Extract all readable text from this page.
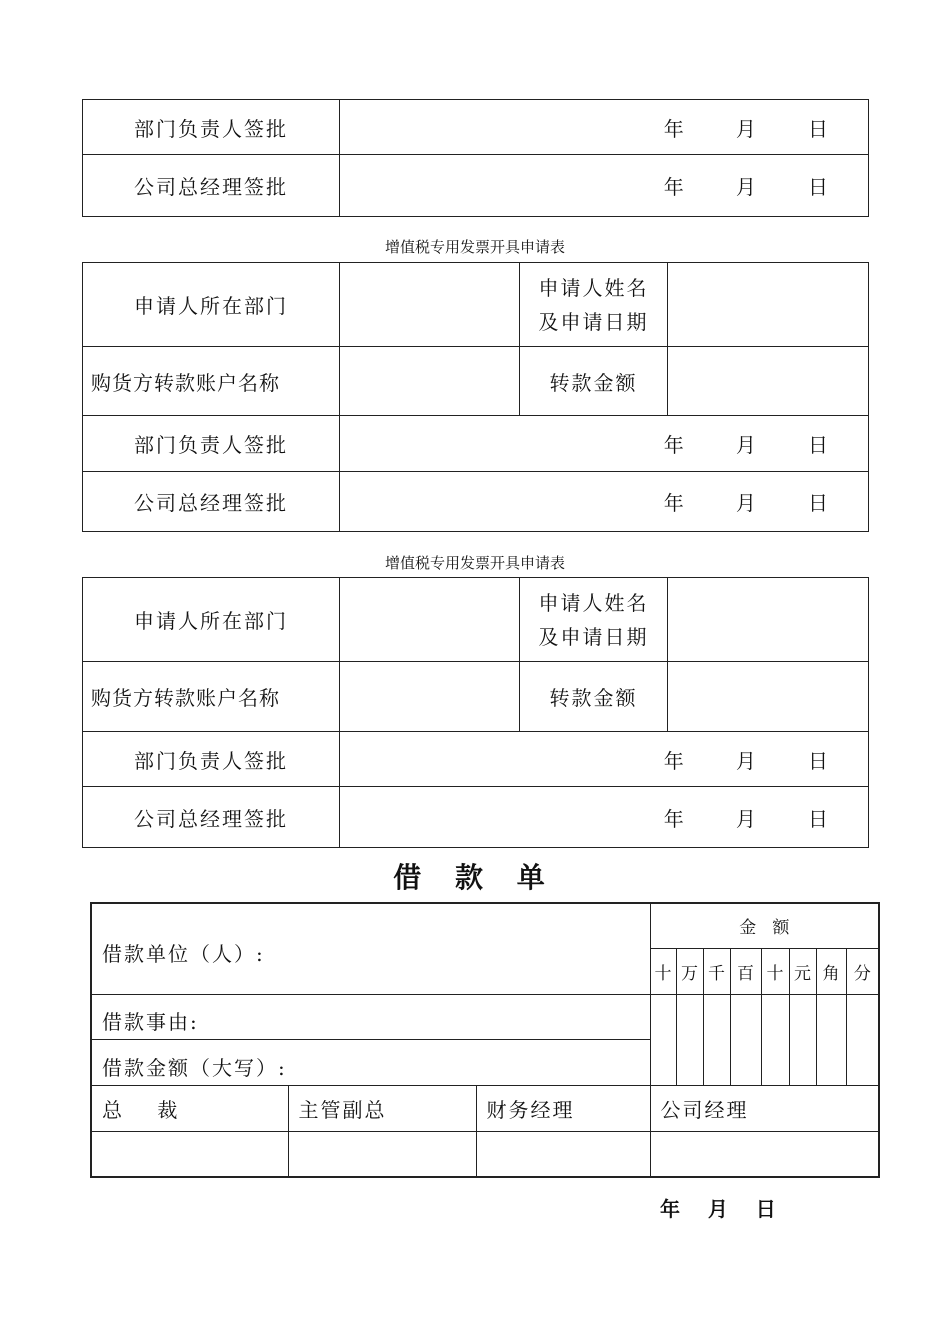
部门负责人签批	年      月      日
公司总经理签批	年      月      日
增值税专用发票开具申请表
申请人所在部门		申请人姓名
及申请日期	

购货方转款账户名称		转款金额	
部门负责人签批	年      月      日		
公司总经理签批	年      月      日		
增值税专用发票开具申请表
申请人所在部门		申请人姓名
及申请日期	

购货方转款账户名称		转款金额	
部门负责人签批	年      月      日		
公司总经理签批	年      月      日		
借 款 单
借款单位（人）:			金   额							
			十	万	千	百	十	元	角	分
借款事由:										
借款金额（大写）:										
总    裁	主管副总	财务经理	公司经理							

年    月    日
